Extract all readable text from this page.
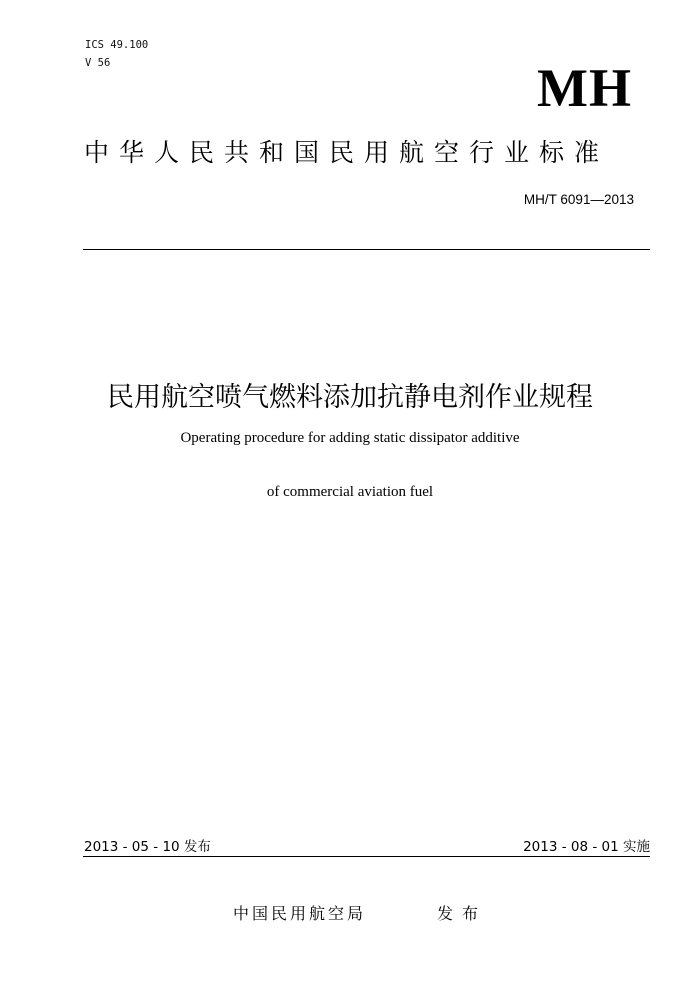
ICS 49.100
V 56	MH
中华人民共和国民用航空行业标准
MH/T 6091—2013
民用航空喷气燃料添加抗静电剂作业规程
Operating procedure for adding static dissipator additive
of commercial aviation fuel
2013 - 05 - 10 发布	2013 - 08 - 01 实施
中国民用航空局	发布
